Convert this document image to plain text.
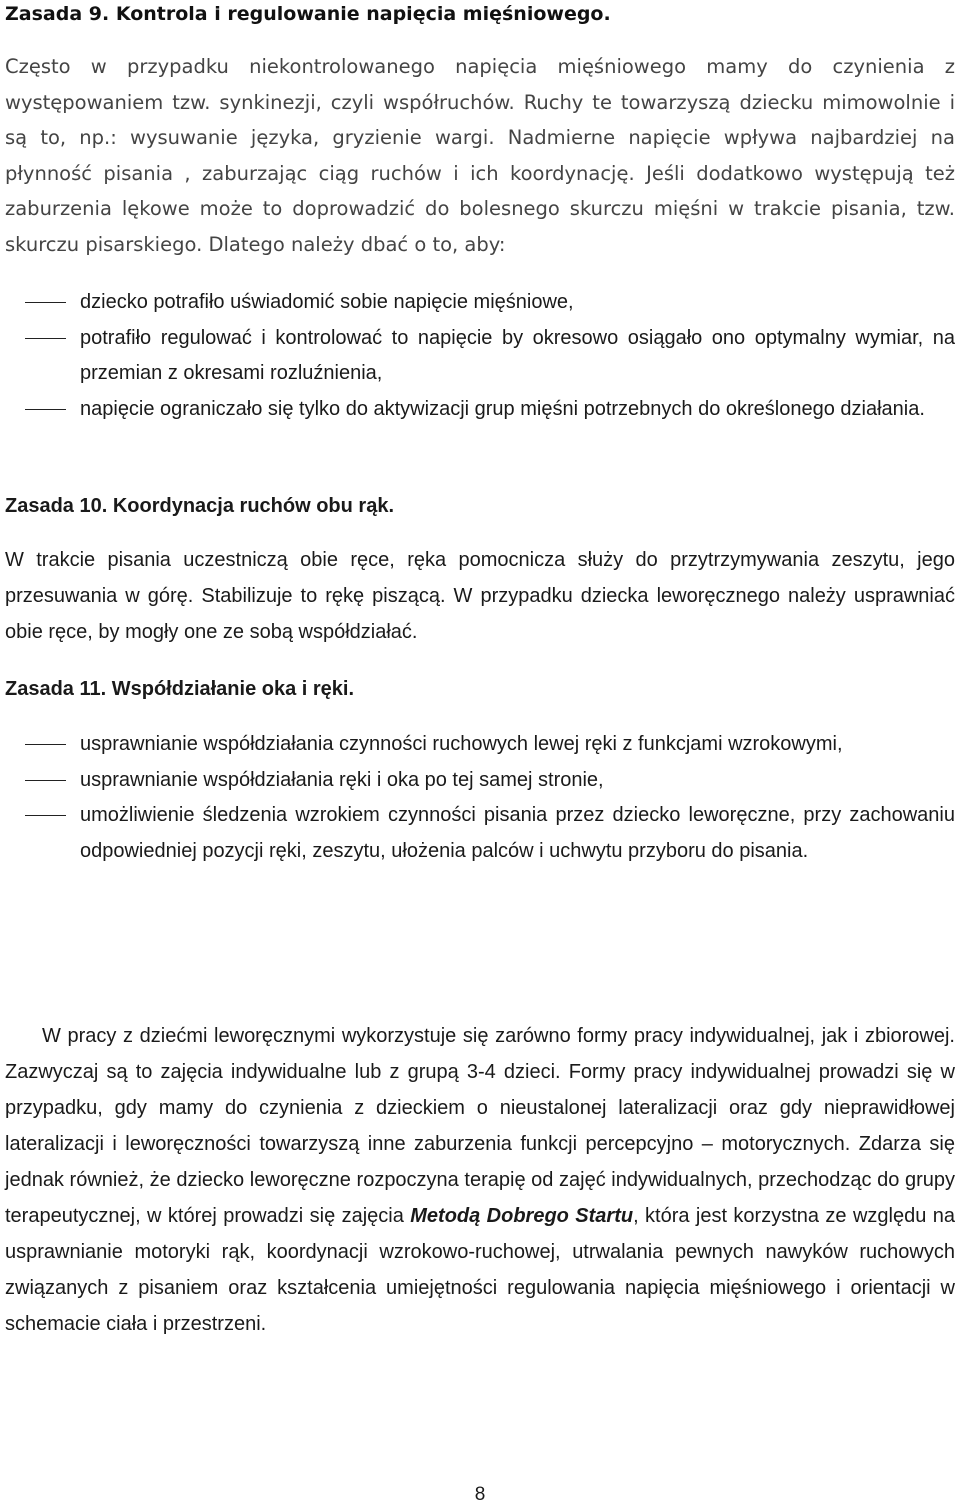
Zasada 9. Kontrola i regulowanie napięcia mięśniowego.

Często w przypadku niekontrolowanego napięcia mięśniowego mamy do czynienia z występowaniem tzw. synkinezji, czyli współruchów. Ruchy te towarzyszą dziecku mimowolnie i są to, np.: wysuwanie języka, gryzienie wargi. Nadmierne napięcie wpływa najbardziej na płynność pisania , zaburzając ciąg ruchów i ich koordynację. Jeśli dodatkowo występują też zaburzenia lękowe może to doprowadzić do bolesnego skurczu mięśni w trakcie pisania, tzw. skurczu pisarskiego. Dlatego należy dbać o to, aby:

dziecko potrafiło uświadomić sobie napięcie mięśniowe,
potrafiło regulować i kontrolować to napięcie by okresowo osiągało ono optymalny wymiar, na przemian z okresami rozluźnienia,
napięcie ograniczało się tylko do aktywizacji grup mięśni potrzebnych do określonego działania.
Zasada 10. Koordynacja ruchów obu rąk.

W trakcie pisania uczestniczą obie ręce, ręka pomocnicza służy do przytrzymywania zeszytu, jego przesuwania w górę. Stabilizuje to rękę piszącą. W przypadku dziecka leworęcznego należy usprawniać obie ręce, by mogły one ze sobą współdziałać.

Zasada 11. Współdziałanie oka i ręki.
usprawnianie współdziałania czynności ruchowych lewej ręki z funkcjami wzrokowymi,
usprawnianie współdziałania ręki i oka po tej samej stronie,
umożliwienie śledzenia wzrokiem czynności pisania przez dziecko leworęczne, przy zachowaniu odpowiedniej pozycji ręki, zeszytu, ułożenia palców i uchwytu przyboru do pisania.

W pracy z dziećmi leworęcznymi wykorzystuje się zarówno formy pracy indywidualnej, jak i zbiorowej. Zazwyczaj są to zajęcia indywidualne lub z grupą 3-4 dzieci. Formy pracy indywidualnej prowadzi się w przypadku, gdy mamy do czynienia z dzieckiem o nieustalonej lateralizacji oraz gdy nieprawidłowej lateralizacji i leworęczności towarzyszą inne zaburzenia funkcji percepcyjno – motorycznych. Zdarza się jednak również, że dziecko leworęczne rozpoczyna terapię od zajęć indywidualnych, przechodząc do grupy terapeutycznej, w której prowadzi się zajęcia Metodą Dobrego Startu, która jest korzystna ze względu na usprawnianie motoryki rąk, koordynacji wzrokowo-ruchowej, utrwalania pewnych nawyków ruchowych związanych z pisaniem oraz kształcenia umiejętności regulowania napięcia mięśniowego i orientacji w schemacie ciała i przestrzeni.

8
